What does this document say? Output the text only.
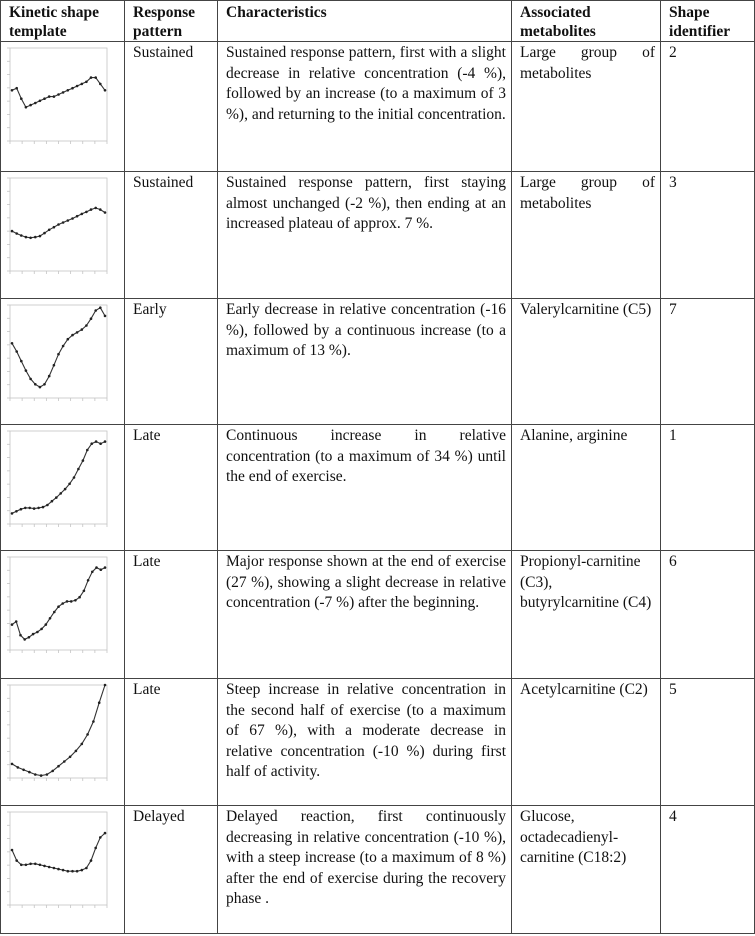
Kinetic shape template	Response pattern	Characteristics	Associated metabolites	Shape identifier

	Sustained	Sustained response pattern, first with a slight decrease in relative concentration (-4 %), followed by an increase (to a maximum of 3 %), and returning to the initial concentration.	Large group of metabolites	2

	Sustained	Sustained response pattern, first staying almost unchanged (-2 %), then ending at an increased plateau of approx. 7 %.	Large group of metabolites	3

	Early	Early decrease in relative concentration (-16 %), followed by a continuous increase (to a maximum of 13 %).	Valerylcarnitine (C5)	7

	Late	Continuous increase in relative concentration (to a maximum of 34 %) until the end of exercise.	Alanine, arginine	1

	Late	Major response shown at the end of exercise (27 %), showing a slight decrease in relative concentration (-7 %) after the beginning.	Propionyl-carnitine (C3), butyrylcarnitine (C4)	6

	Late	Steep increase in relative concentration in the second half of exercise (to a maximum of 67 %), with a moderate decrease in relative concentration (-10 %) during first half of activity.	Acetylcarnitine (C2)	5

	Delayed	Delayed reaction, first continuously decreasing in relative concentration (-10 %), with a steep increase (to a maximum of 8 %) after the end of exercise during the recovery phase .	Glucose, octadecadienyl-carnitine (C18:2)	4
